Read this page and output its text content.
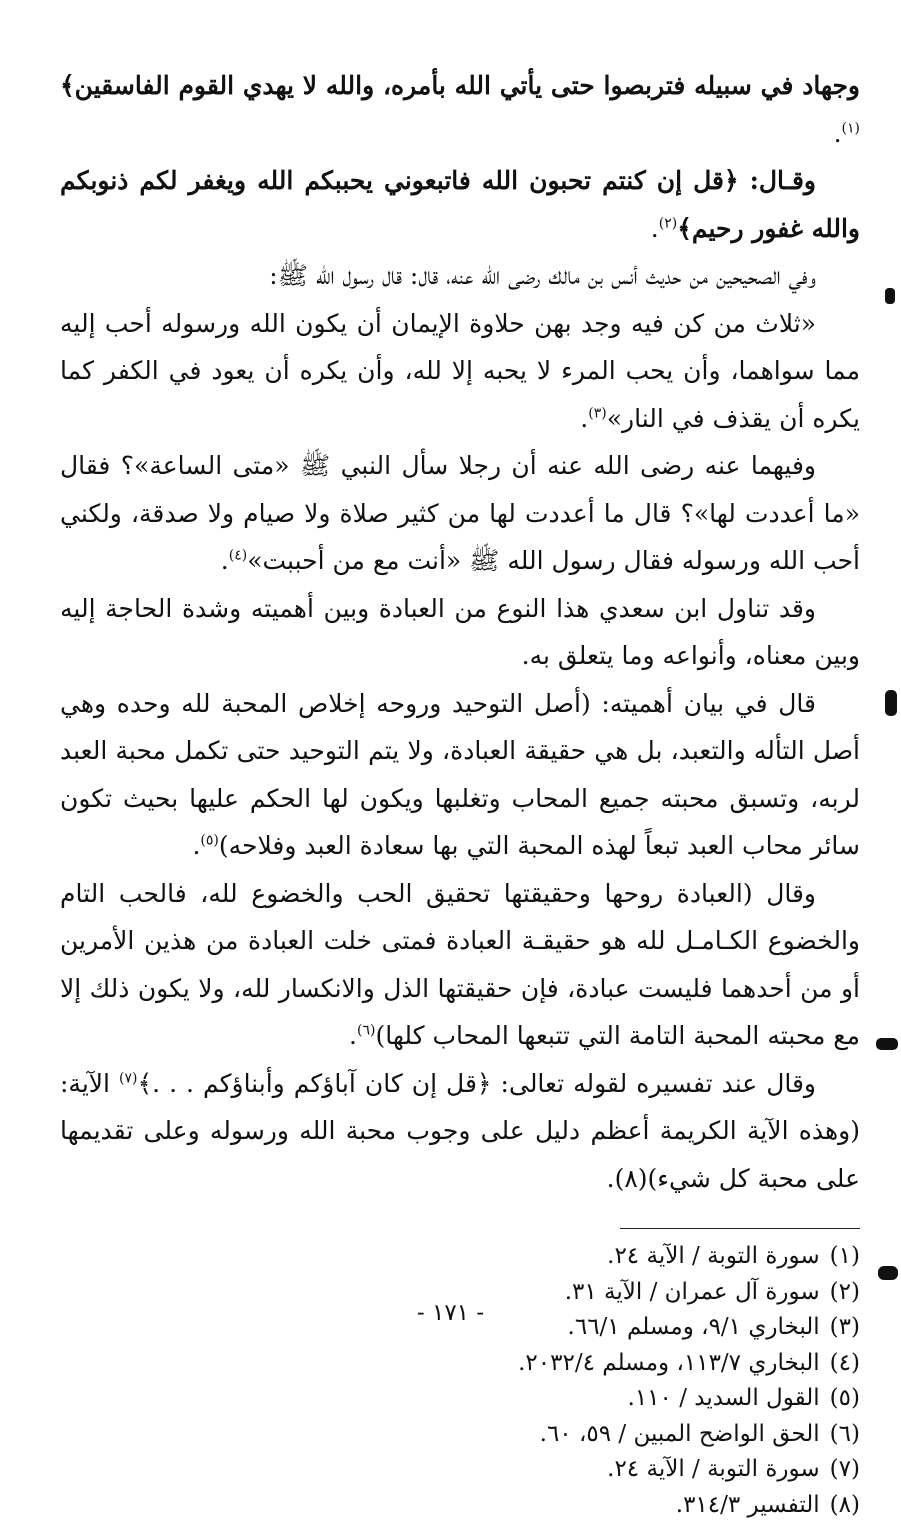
وجهاد في سبيله فتربصوا حتى يأتي الله بأمره، والله لا يهدي القوم الفاسقين﴾$^{(١)}$.

وقـال: ﴿قل إن كنتم تحبون الله فاتبعوني يحببكم الله ويغفر لكم ذنوبكم والله غفور رحيم﴾$^{(٢)}$.

وفي الصحيحين من حديث أنس بن مالك رضى الله عنه، قال: قال رسول الله ﷺ:

«ثلاث من كن فيه وجد بهن حلاوة الإيمان أن يكون الله ورسوله أحب إليه مما سواهما، وأن يحب المرء لا يحبه إلا لله، وأن يكره أن يعود في الكفر كما يكره أن يقذف في النار»$^{(٣)}$.

وفيهما عنه رضى الله عنه أن رجلا سأل النبي ﷺ «متى الساعة»؟ فقال «ما أعددت لها»؟ قال ما أعددت لها من كثير صلاة ولا صيام ولا صدقة، ولكني أحب الله ورسوله فقال رسول الله ﷺ «أنت مع من أحببت»$^{(٤)}$.

وقد تناول ابن سعدي هذا النوع من العبادة وبين أهميته وشدة الحاجة إليه وبين معناه، وأنواعه وما يتعلق به.

قال في بيان أهميته: (أصل التوحيد وروحه إخلاص المحبة لله وحده وهي أصل التأله والتعبد، بل هي حقيقة العبادة، ولا يتم التوحيد حتى تكمل محبة العبد لربه، وتسبق محبته جميع المحاب وتغلبها ويكون لها الحكم عليها بحيث تكون سائر محاب العبد تبعاً لهذه المحبة التي بها سعادة العبد وفلاحه)$^{(٥)}$.

وقال (العبادة روحها وحقيقتها تحقيق الحب والخضوع لله، فالحب التام والخضوع الكـامـل لله هو حقيقـة العبادة فمتى خلت العبادة من هذين الأمرين أو من أحدهما فليست عبادة، فإن حقيقتها الذل والانكسار لله، ولا يكون ذلك إلا مع محبته المحبة التامة التي تتبعها المحاب كلها)$^{(٦)}$.

وقال عند تفسيره لقوله تعالى: ﴿قل إن كان آباؤكم وأبناؤكم . . .﴾$^{(٧)}$ الآية: (وهذه الآية الكريمة أعظم دليل على وجوب محبة الله ورسوله وعلى تقديمها على محبة كل شيء)(٨).

(١)
سورة التوبة / الآية ٢٤.
(٢)
سورة آل عمران / الآية ٣١.
(٣)
البخاري ٩/١، ومسلم ٦٦/١.
(٤)
البخاري ١١٣/٧، ومسلم ٢٠٣٢/٤.
(٥)
القول السديد / ١١٠.
(٦)
الحق الواضح المبين / ٥٩، ٦٠.
(٧)
سورة التوبة / الآية ٢٤.
(٨)
التفسير ٣١٤/٣.
- ١٧١ -
